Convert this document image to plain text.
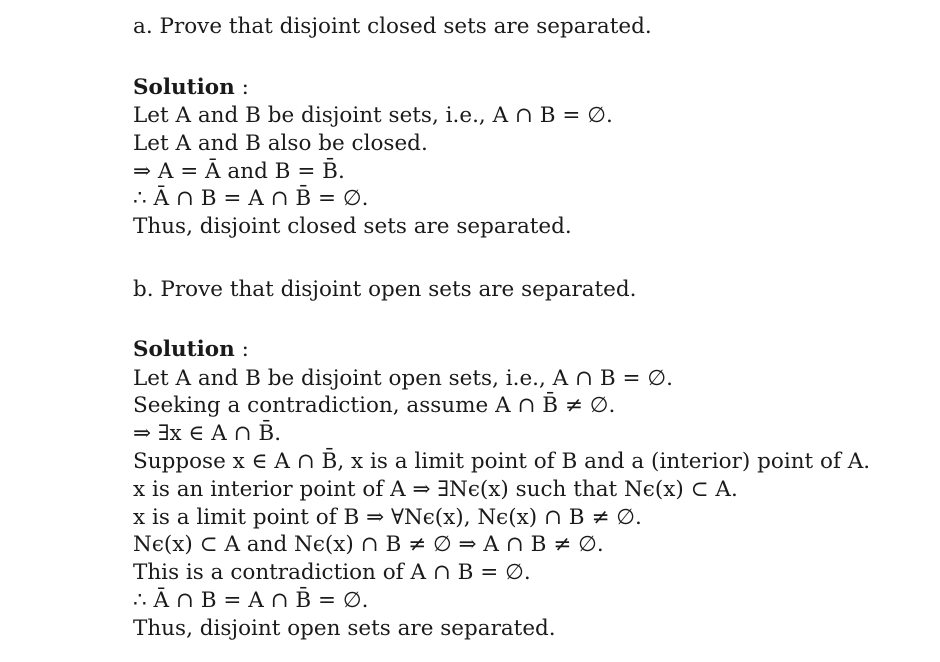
a. Prove that disjoint closed sets are separated.
Solution :
Let A and B be disjoint sets, i.e., A ∩ B = ∅.
Let A and B also be closed.
⇒ A = Ā and B = B̄.
∴ Ā ∩ B = A ∩ B̄ = ∅.
Thus, disjoint closed sets are separated.
b. Prove that disjoint open sets are separated.
Solution :
Let A and B be disjoint open sets, i.e., A ∩ B = ∅.
Seeking a contradiction, assume A ∩ B̄ ≠ ∅.
⇒ ∃x ∈ A ∩ B̄.
Suppose x ∈ A ∩ B̄, x is a limit point of B and a (interior) point of A.
x is an interior point of A ⇒ ∃Nϵ(x) such that Nϵ(x) ⊂ A.
x is a limit point of B ⇒ ∀Nϵ(x), Nϵ(x) ∩ B ≠ ∅.
Nϵ(x) ⊂ A and Nϵ(x) ∩ B ≠ ∅ ⇒ A ∩ B ≠ ∅.
This is a contradiction of A ∩ B = ∅.
∴ Ā ∩ B = A ∩ B̄ = ∅.
Thus, disjoint open sets are separated.
